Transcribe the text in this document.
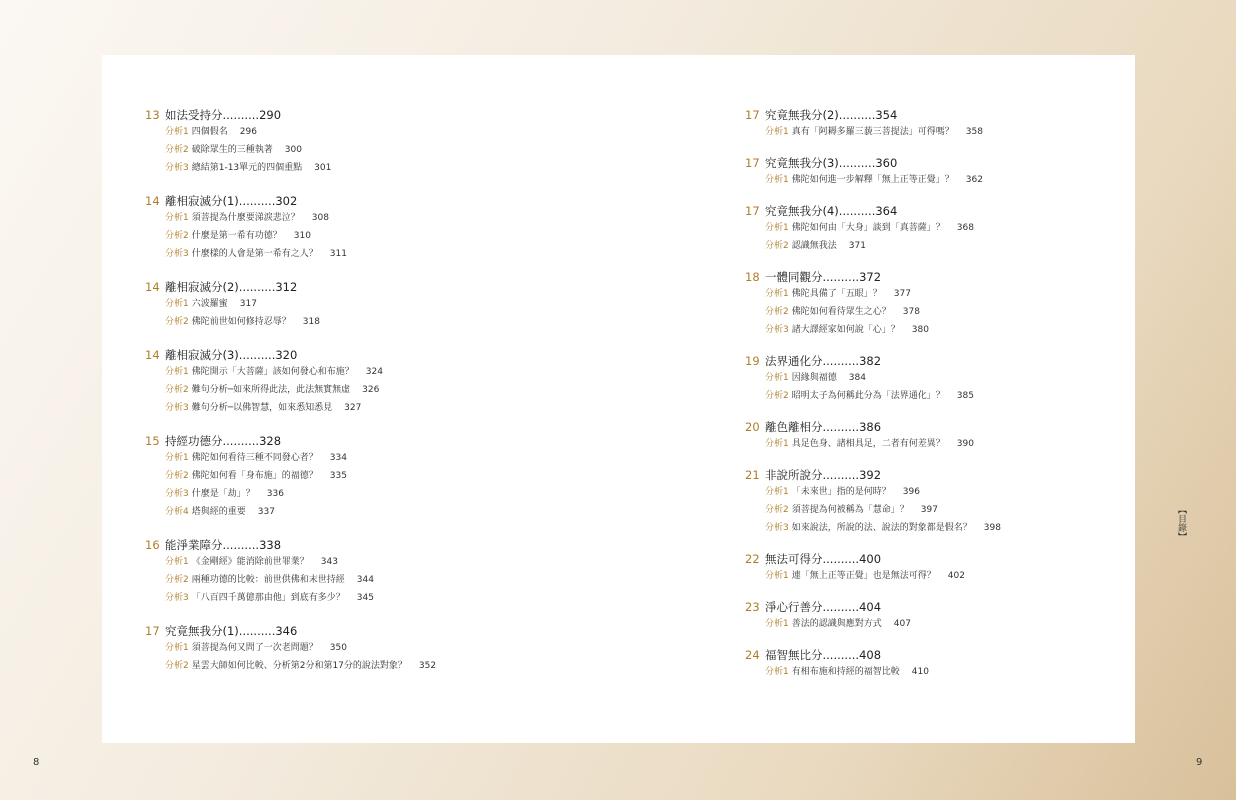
13 如法受持分..........290
分析1 四個假名 296
分析2 破除眾生的三種執著 300
分析3 總結第1-13單元的四個重點 301
14 離相寂滅分(1)..........302
分析1 須菩提為什麼要涕淚悲泣？ 308
分析2 什麼是第一希有功德？ 310
分析3 什麼樣的人會是第一希有之人？ 311
14 離相寂滅分(2)..........312
分析1 六波羅蜜 317
分析2 佛陀前世如何修持忍辱？ 318
14 離相寂滅分(3)..........320
分析1 佛陀開示「大菩薩」該如何發心和布施？ 324
分析2 難句分析─如來所得此法，此法無實無虛 326
分析3 難句分析─以佛智慧，如來悉知悉見 327
15 持經功德分..........328
分析1 佛陀如何看待三種不同發心者？ 334
分析2 佛陀如何看「身布施」的福德？ 335
分析3 什麼是「劫」？ 336
分析4 塔與經的重要 337
16 能淨業障分..........338
分析1 《金剛經》能消除前世罪業？ 343
分析2 兩種功德的比較：前世供佛和末世持經 344
分析3 「八百四千萬億那由他」到底有多少？ 345
17 究竟無我分(1)..........346
分析1 須菩提為何又問了一次老問題？ 350
分析2 星雲大師如何比較、分析第2分和第17分的說法對象？ 352
17 究竟無我分(2)..........354
分析1 真有「阿耨多羅三藐三菩提法」可得嗎？ 358
17 究竟無我分(3)..........360
分析1 佛陀如何進一步解釋「無上正等正覺」？ 362
17 究竟無我分(4)..........364
分析1 佛陀如何由「大身」談到「真菩薩」？ 368
分析2 認識無我法 371
18 一體同觀分..........372
分析1 佛陀具備了「五眼」？ 377
分析2 佛陀如何看待眾生之心？ 378
分析3 諸大譯經家如何說「心」？ 380
19 法界通化分..........382
分析1 因緣與福德 384
分析2 昭明太子為何稱此分為「法界通化」？ 385
20 離色離相分..........386
分析1 具足色身、諸相具足，二者有何差異？ 390
21 非說所說分..........392
分析1 「未來世」指的是何時？ 396
分析2 須菩提為何被稱為「慧命」？ 397
分析3 如來說法，所說的法、說法的對象都是假名？ 398
22 無法可得分..........400
分析1 連「無上正等正覺」也是無法可得？ 402
23 淨心行善分..........404
分析1 善法的認識與應對方式 407
24 福智無比分..........408
分析1 有相布施和持經的福智比較 410
8	9
【目錄】
